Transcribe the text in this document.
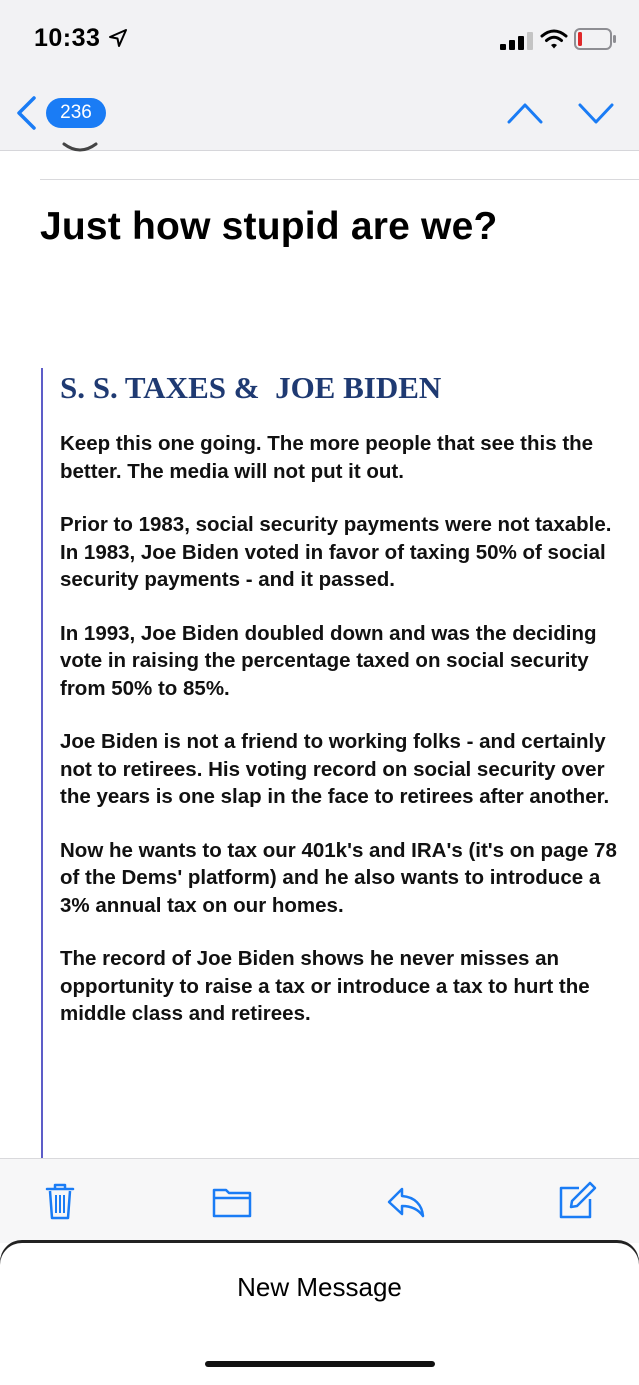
10:33
236
Just how stupid are we?

S. S. TAXES &  JOE BIDEN

Keep this one going. The more people that see this the better. The media will not put it out.

Prior to 1983, social security payments were not taxable. In 1983, Joe Biden voted in favor of taxing 50% of social security payments - and it passed.

In 1993, Joe Biden doubled down and was the deciding vote in raising the percentage taxed on social security from 50% to 85%.

Joe Biden is not a friend to working folks - and certainly not to retirees. His voting record on social security over the years is one slap in the face to retirees after another.

Now he wants to tax our 401k's and IRA's (it's on page 78 of the Dems' platform) and he also wants to introduce a 3% annual tax on our homes.

The record of Joe Biden shows he never misses an opportunity to raise a tax or introduce a tax to hurt the middle class and retirees.

New Message
